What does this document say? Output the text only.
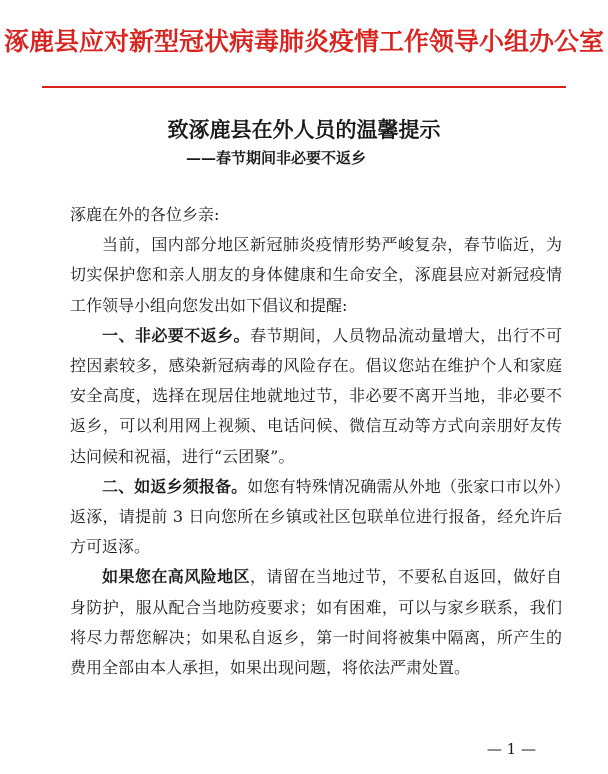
涿鹿县应对新型冠状病毒肺炎疫情工作领导小组办公室
致涿鹿县在外人员的温馨提示
——春节期间非必要不返乡

涿鹿在外的各位乡亲:

当前，国内部分地区新冠肺炎疫情形势严峻复杂，春节临近，为切实保护您和亲人朋友的身体健康和生命安全，涿鹿县应对新冠疫情工作领导小组向您发出如下倡议和提醒:

一、非必要不返乡。春节期间，人员物品流动量增大，出行不可控因素较多，感染新冠病毒的风险存在。倡议您站在维护个人和家庭安全高度，选择在现居住地就地过节，非必要不离开当地，非必要不返乡，可以利用网上视频、电话问候、微信互动等方式向亲朋好友传达问候和祝福，进行“云团聚”。

二、如返乡须报备。如您有特殊情况确需从外地（张家口市以外）返涿，请提前 3 日向您所在乡镇或社区包联单位进行报备，经允许后方可返涿。

如果您在高风险地区，请留在当地过节，不要私自返回，做好自身防护，服从配合当地防疫要求；如有困难，可以与家乡联系，我们将尽力帮您解决；如果私自返乡，第一时间将被集中隔离，所产生的费用全部由本人承担，如果出现问题，将依法严肃处置。

— 1 —
